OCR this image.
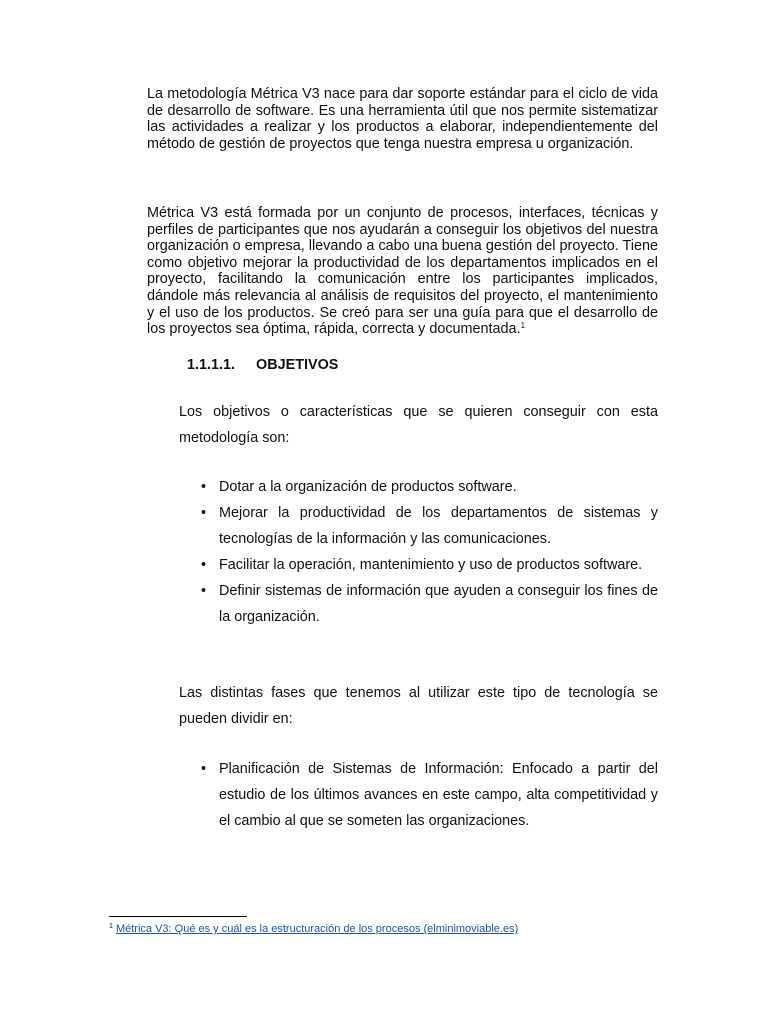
La metodología Métrica V3 nace para dar soporte estándar para el ciclo de vida de desarrollo de software. Es una herramienta útil que nos permite sistematizar las actividades a realizar y los productos a elaborar, independientemente del método de gestión de proyectos que tenga nuestra empresa u organización.

Métrica V3 está formada por un conjunto de procesos, interfaces, técnicas y perfiles de participantes que nos ayudarán a conseguir los objetivos del nuestra organización o empresa, llevando a cabo una buena gestión del proyecto. Tiene como objetivo mejorar la productividad de los departamentos implicados en el proyecto, facilitando la comunicación entre los participantes implicados, dándole más relevancia al análisis de requisitos del proyecto, el mantenimiento y el uso de los productos. Se creó para ser una guía para que el desarrollo de los proyectos sea óptima, rápida, correcta y documentada.$^1$

1.1.1.1. OBJETIVOS

Los objetivos o características que se quieren conseguir con esta metodología son:

• Dotar a la organización de productos software.
• Mejorar la productividad de los departamentos de sistemas y tecnologías de la información y las comunicaciones.
• Facilitar la operación, mantenimiento y uso de productos software.
• Definir sistemas de información que ayuden a conseguir los fines de la organización.

Las distintas fases que tenemos al utilizar este tipo de tecnología se pueden dividir en:

• Planificación de Sistemas de Información: Enfocado a partir del estudio de los últimos avances en este campo, alta competitividad y el cambio al que se someten las organizaciones.
$^1$ Métrica V3: Qué es y cuál es la estructuración de los procesos (elminimoviable.es)
